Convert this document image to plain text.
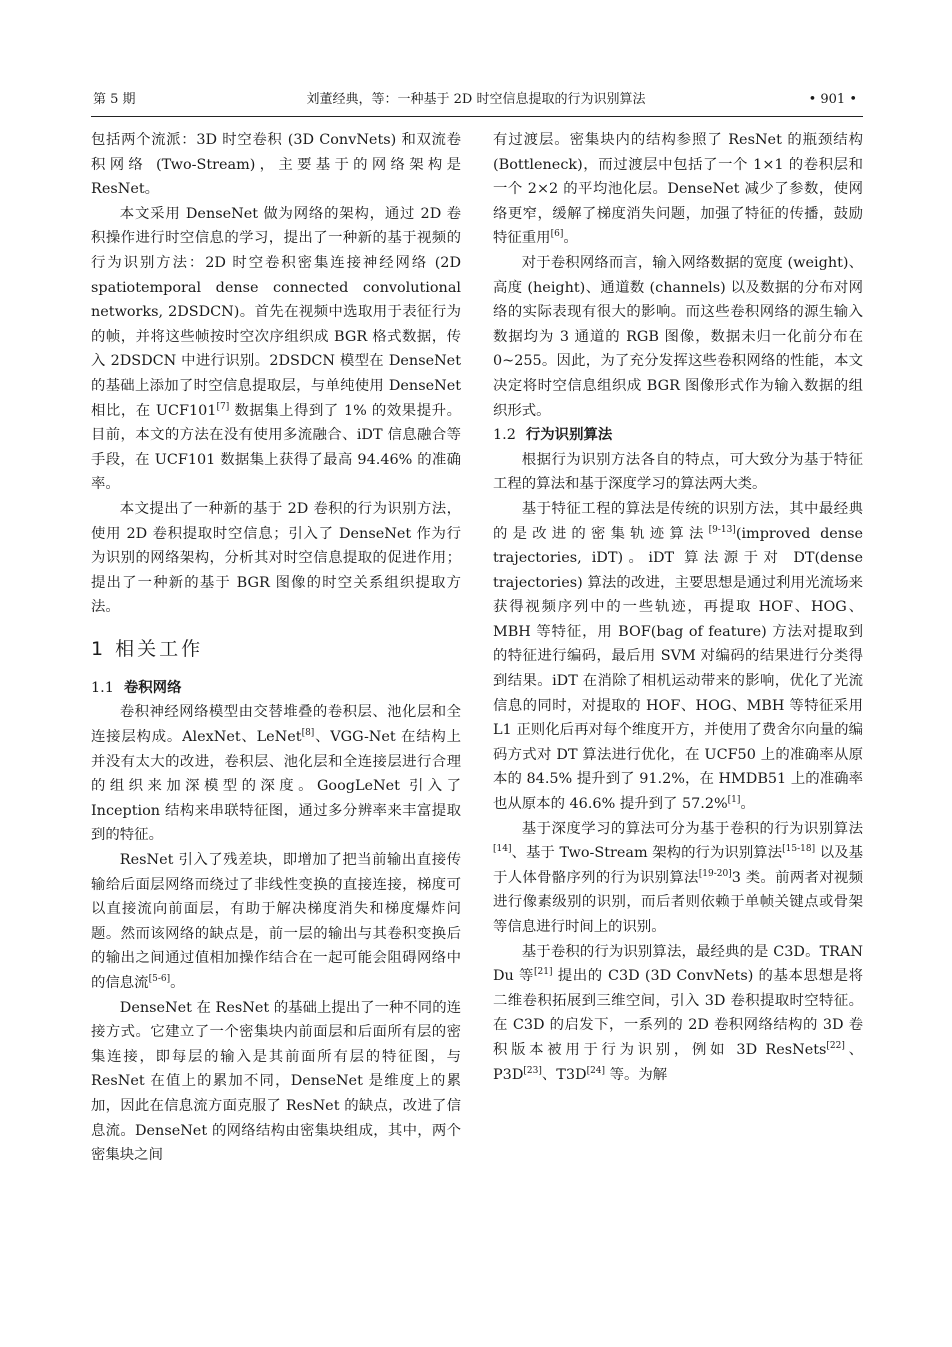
第 5 期	刘董经典，等：一种基于 2D 时空信息提取的行为识别算法	• 901 •

包括两个流派：3D 时空卷积 (3D ConvNets) 和双流卷积网络 (Two-Stream)，主要基于的网络架构是 ResNet。

本文采用 DenseNet 做为网络的架构，通过 2D 卷积操作进行时空信息的学习，提出了一种新的基于视频的行为识别方法：2D 时空卷积密集连接神经网络 (2D spatiotemporal dense connected convolutional networks, 2DSDCN)。首先在视频中选取用于表征行为的帧，并将这些帧按时空次序组织成 BGR 格式数据，传入 2DSDCN 中进行识别。2DSDCN 模型在 DenseNet 的基础上添加了时空信息提取层，与单纯使用 DenseNet 相比，在 UCF101[7] 数据集上得到了 1% 的效果提升。目前，本文的方法在没有使用多流融合、iDT 信息融合等手段，在 UCF101 数据集上获得了最高 94.46% 的准确率。

本文提出了一种新的基于 2D 卷积的行为识别方法，使用 2D 卷积提取时空信息；引入了 DenseNet 作为行为识别的网络架构，分析其对时空信息提取的促进作用；提出了一种新的基于 BGR 图像的时空关系组织提取方法。

1 相关工作
1.1 卷积网络

卷积神经网络模型由交替堆叠的卷积层、池化层和全连接层构成。AlexNet、LeNet[8]、VGG-Net 在结构上并没有太大的改进，卷积层、池化层和全连接层进行合理的组织来加深模型的深度。GoogLeNet 引入了 Inception 结构来串联特征图，通过多分辨率来丰富提取到的特征。

ResNet 引入了残差块，即增加了把当前输出直接传输给后面层网络而绕过了非线性变换的直接连接，梯度可以直接流向前面层，有助于解决梯度消失和梯度爆炸问题。然而该网络的缺点是，前一层的输出与其卷积变换后的输出之间通过值相加操作结合在一起可能会阻碍网络中的信息流[5-6]。

DenseNet 在 ResNet 的基础上提出了一种不同的连接方式。它建立了一个密集块内前面层和后面所有层的密集连接，即每层的输入是其前面所有层的特征图，与 ResNet 在值上的累加不同，DenseNet 是维度上的累加，因此在信息流方面克服了 ResNet 的缺点，改进了信息流。DenseNet 的网络结构由密集块组成，其中，两个密集块之间

有过渡层。密集块内的结构参照了 ResNet 的瓶颈结构 (Bottleneck)，而过渡层中包括了一个 1×1 的卷积层和一个 2×2 的平均池化层。DenseNet 减少了参数，使网络更窄，缓解了梯度消失问题，加强了特征的传播，鼓励特征重用[6]。

对于卷积网络而言，输入网络数据的宽度 (weight)、高度 (height)、通道数 (channels) 以及数据的分布对网络的实际表现有很大的影响。而这些卷积网络的源生输入数据均为 3 通道的 RGB 图像，数据未归一化前分布在 0~255。因此，为了充分发挥这些卷积网络的性能，本文决定将时空信息组织成 BGR 图像形式作为输入数据的组织形式。

1.2 行为识别算法

根据行为识别方法各自的特点，可大致分为基于特征工程的算法和基于深度学习的算法两大类。

基于特征工程的算法是传统的识别方法，其中最经典的是改进的密集轨迹算法[9-13](improved dense trajectories, iDT)。iDT 算法源于对 DT(dense trajectories) 算法的改进，主要思想是通过利用光流场来获得视频序列中的一些轨迹，再提取 HOF、HOG、MBH 等特征，用 BOF(bag of feature) 方法对提取到的特征进行编码，最后用 SVM 对编码的结果进行分类得到结果。iDT 在消除了相机运动带来的影响，优化了光流信息的同时，对提取的 HOF、HOG、MBH 等特征采用 L1 正则化后再对每个维度开方，并使用了费舍尔向量的编码方式对 DT 算法进行优化，在 UCF50 上的准确率从原本的 84.5% 提升到了 91.2%，在 HMDB51 上的准确率也从原本的 46.6% 提升到了 57.2%[1]。

基于深度学习的算法可分为基于卷积的行为识别算法[14]、基于 Two-Stream 架构的行为识别算法[15-18] 以及基于人体骨骼序列的行为识别算法[19-20]3 类。前两者对视频进行像素级别的识别，而后者则依赖于单帧关键点或骨架等信息进行时间上的识别。

基于卷积的行为识别算法，最经典的是 C3D。TRAN Du 等[21] 提出的 C3D (3D ConvNets) 的基本思想是将二维卷积拓展到三维空间，引入 3D 卷积提取时空特征。在 C3D 的启发下，一系列的 2D 卷积网络结构的 3D 卷积版本被用于行为识别，例如 3D ResNets[22]、P3D[23]、T3D[24] 等。为解
